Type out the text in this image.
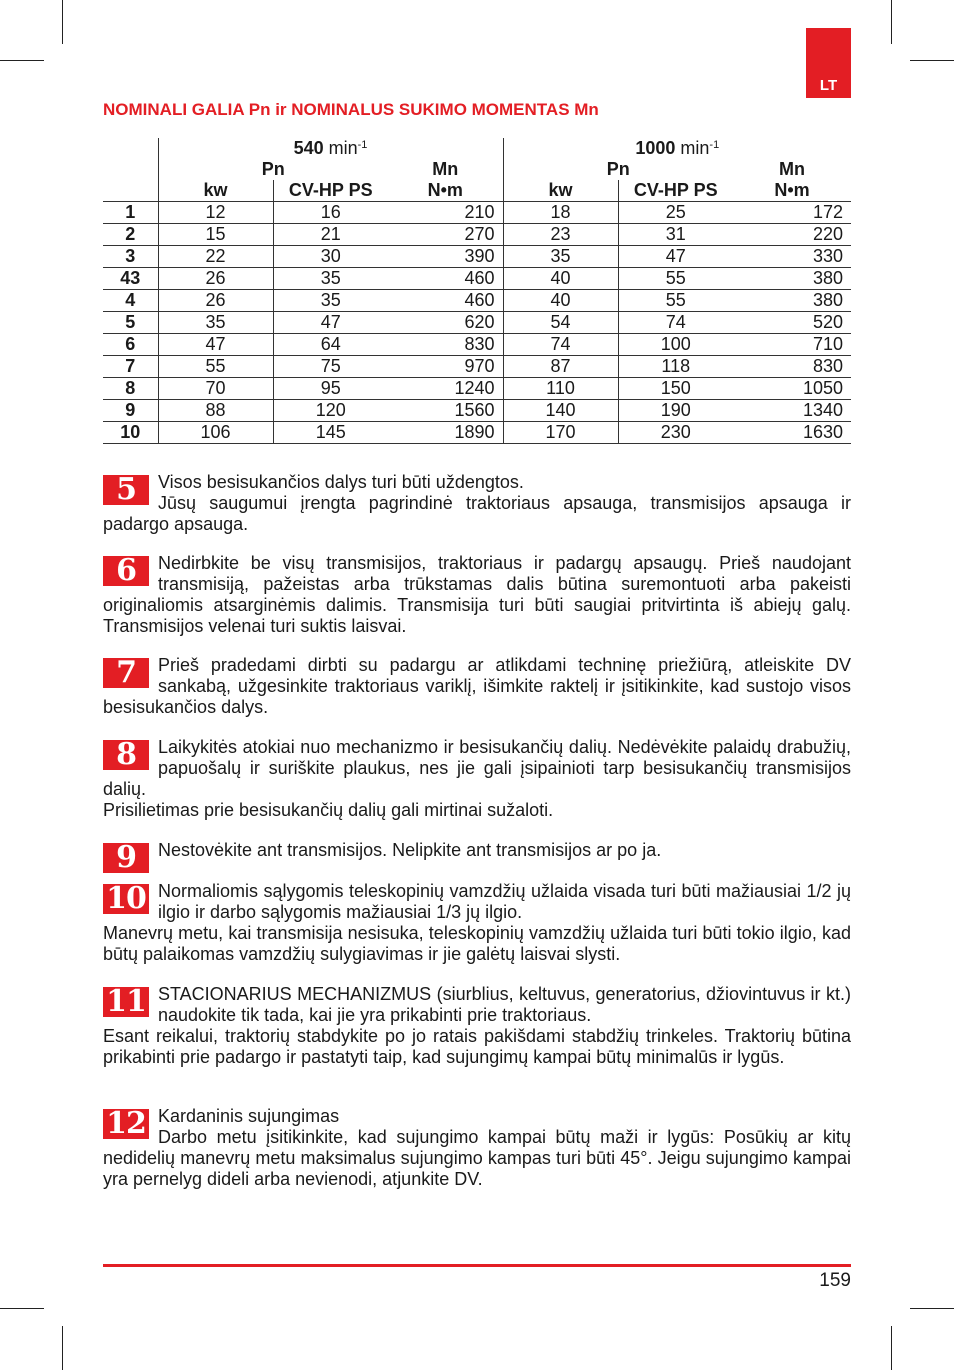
LT
NOMINALI GALIA Pn ir NOMINALUS SUKIMO MOMENTAS Mn
	540 $\min^{-1}$			1000 $\min^{-1}$
	Pn		Mn	Pn		Mn
	kw	CV-HP PS	N•m	kw	CV-HP PS	N•m
1	12	16	210	18	25	172
2	15	21	270	23	31	220
3	22	30	390	35	47	330
43	26	35	460	40	55	380
4	26	35	460	40	55	380
5	35	47	620	54	74	520
6	47	64	830	74	100	710
7	55	75	970	87	118	830
8	70	95	1240	110	150	1050
9	88	120	1560	140	190	1340
10	106	145	1890	170	230	1630
5	Visos besisukančios dalys turi būti uždengtos.

Jūsų saugumui įrengta pagrindinė traktoriaus apsauga, transmisijos apsauga ir padargo apsauga.

6	Nedirbkite be visų transmisijos, traktoriaus ir padargų apsaugų. Prieš naudojant transmisiją, pažeistas arba trūkstamas dalis būtina suremontuoti arba pakeisti originaliomis atsarginėmis dalimis. Transmisija turi būti saugiai pritvirtinta iš abiejų galų. Transmisijos velenai turi suktis laisvai.

7	Prieš pradedami dirbti su padargu ar atlikdami techninę priežiūrą, atleiskite DV sankabą, užgesinkite traktoriaus variklį, išimkite raktelį ir įsitikinkite, kad sustojo visos besisukančios dalys.

8	Laikykitės atokiai nuo mechanizmo ir besisukančių dalių. Nedėvėkite palaidų drabužių, papuošalų ir suriškite plaukus, nes jie gali įsipainioti tarp besisukančių transmisijos dalių.

Prisilietimas prie besisukančių dalių gali mirtinai sužaloti.

9	Nestovėkite ant transmisijos. Nelipkite ant transmisijos ar po ja.

10 Normaliomis sąlygomis teleskopinių vamzdžių užlaida visada turi būti mažiausiai 1/2 jų ilgio ir darbo sąlygomis mažiausiai 1/3 jų ilgio.

Manevrų metu, kai transmisija nesisuka, teleskopinių vamzdžių užlaida turi būti tokio ilgio, kad būtų palaikomas vamzdžių sulygiavimas ir jie galėtų laisvai slysti.

11 STACIONARIUS MECHANIZMUS (siurblius, keltuvus, generatorius, džiovintuvus ir kt.) naudokite tik tada, kai jie yra prikabinti prie traktoriaus.

Esant reikalui, traktorių stabdykite po jo ratais pakišdami stabdžių trinkeles. Traktorių būtina prikabinti prie padargo ir pastatyti taip, kad sujungimų kampai būtų minimalūs ir lygūs.

12 Kardaninis sujungimas

Darbo metu įsitikinkite, kad sujungimo kampai būtų maži ir lygūs: Posūkių ar kitų nedidelių manevrų metu maksimalus sujungimo kampas turi būti 45°. Jeigu sujungimo kampai yra pernelyg dideli arba nevienodi, atjunkite DV.

159
